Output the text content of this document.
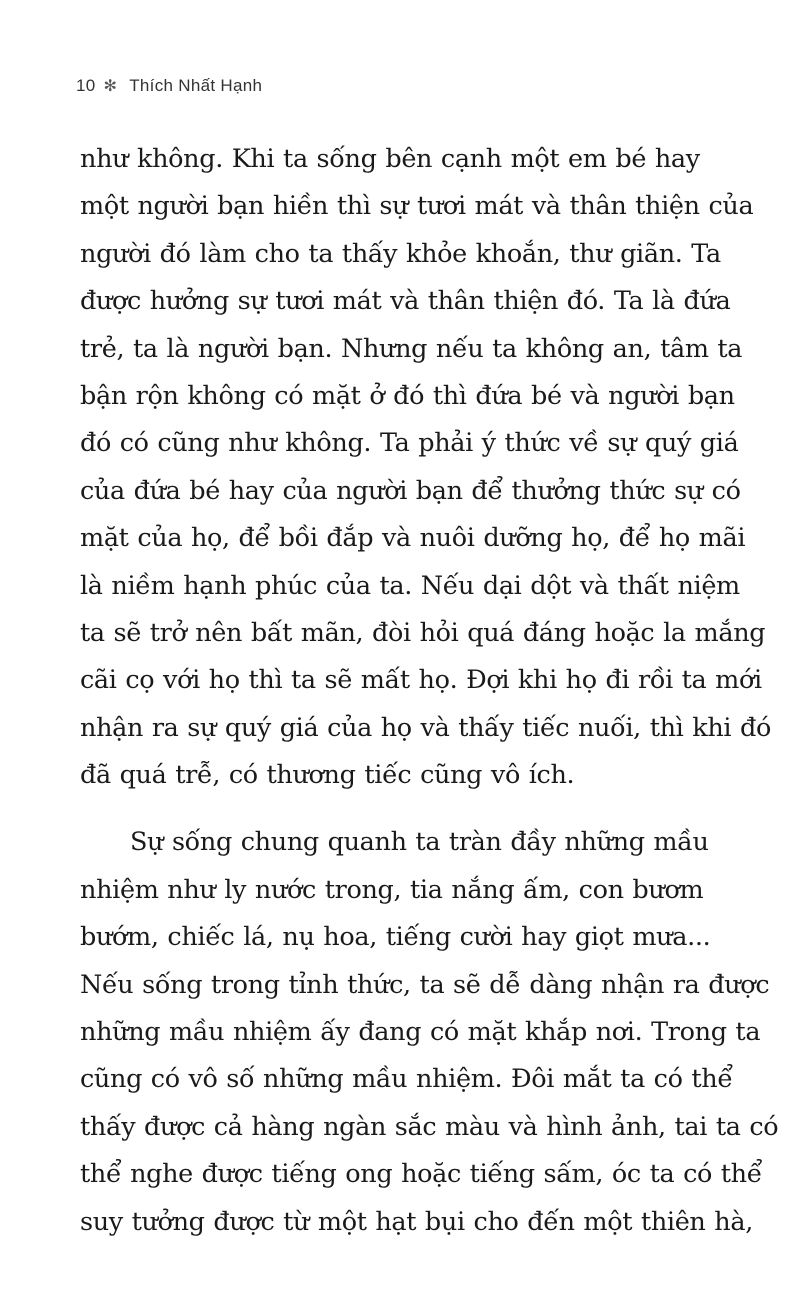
10 ✻ Thích Nhất Hạnh
như không. Khi ta sống bên cạnh một em bé hay
một người bạn hiền thì sự tươi mát và thân thiện của
người đó làm cho ta thấy khỏe khoắn, thư giãn. Ta
được hưởng sự tươi mát và thân thiện đó. Ta là đứa
trẻ, ta là người bạn. Nhưng nếu ta không an, tâm ta
bận rộn không có mặt ở đó thì đứa bé và người bạn
đó có cũng như không. Ta phải ý thức về sự quý giá
của đứa bé hay của người bạn để thưởng thức sự có
mặt của họ, để bồi đắp và nuôi dưỡng họ, để họ mãi
là niềm hạnh phúc của ta. Nếu dại dột và thất niệm
ta sẽ trở nên bất mãn, đòi hỏi quá đáng hoặc la mắng
cãi cọ với họ thì ta sẽ mất họ. Đợi khi họ đi rồi ta mới
nhận ra sự quý giá của họ và thấy tiếc nuối, thì khi đó
đã quá trễ, có thương tiếc cũng vô ích.
Sự sống chung quanh ta tràn đầy những mầu
nhiệm như ly nước trong, tia nắng ấm, con bươm
bướm, chiếc lá, nụ hoa, tiếng cười hay giọt mưa...
Nếu sống trong tỉnh thức, ta sẽ dễ dàng nhận ra được
những mầu nhiệm ấy đang có mặt khắp nơi. Trong ta
cũng có vô số những mầu nhiệm. Đôi mắt ta có thể
thấy được cả hàng ngàn sắc màu và hình ảnh, tai ta có
thể nghe được tiếng ong hoặc tiếng sấm, óc ta có thể
suy tưởng được từ một hạt bụi cho đến một thiên hà,
